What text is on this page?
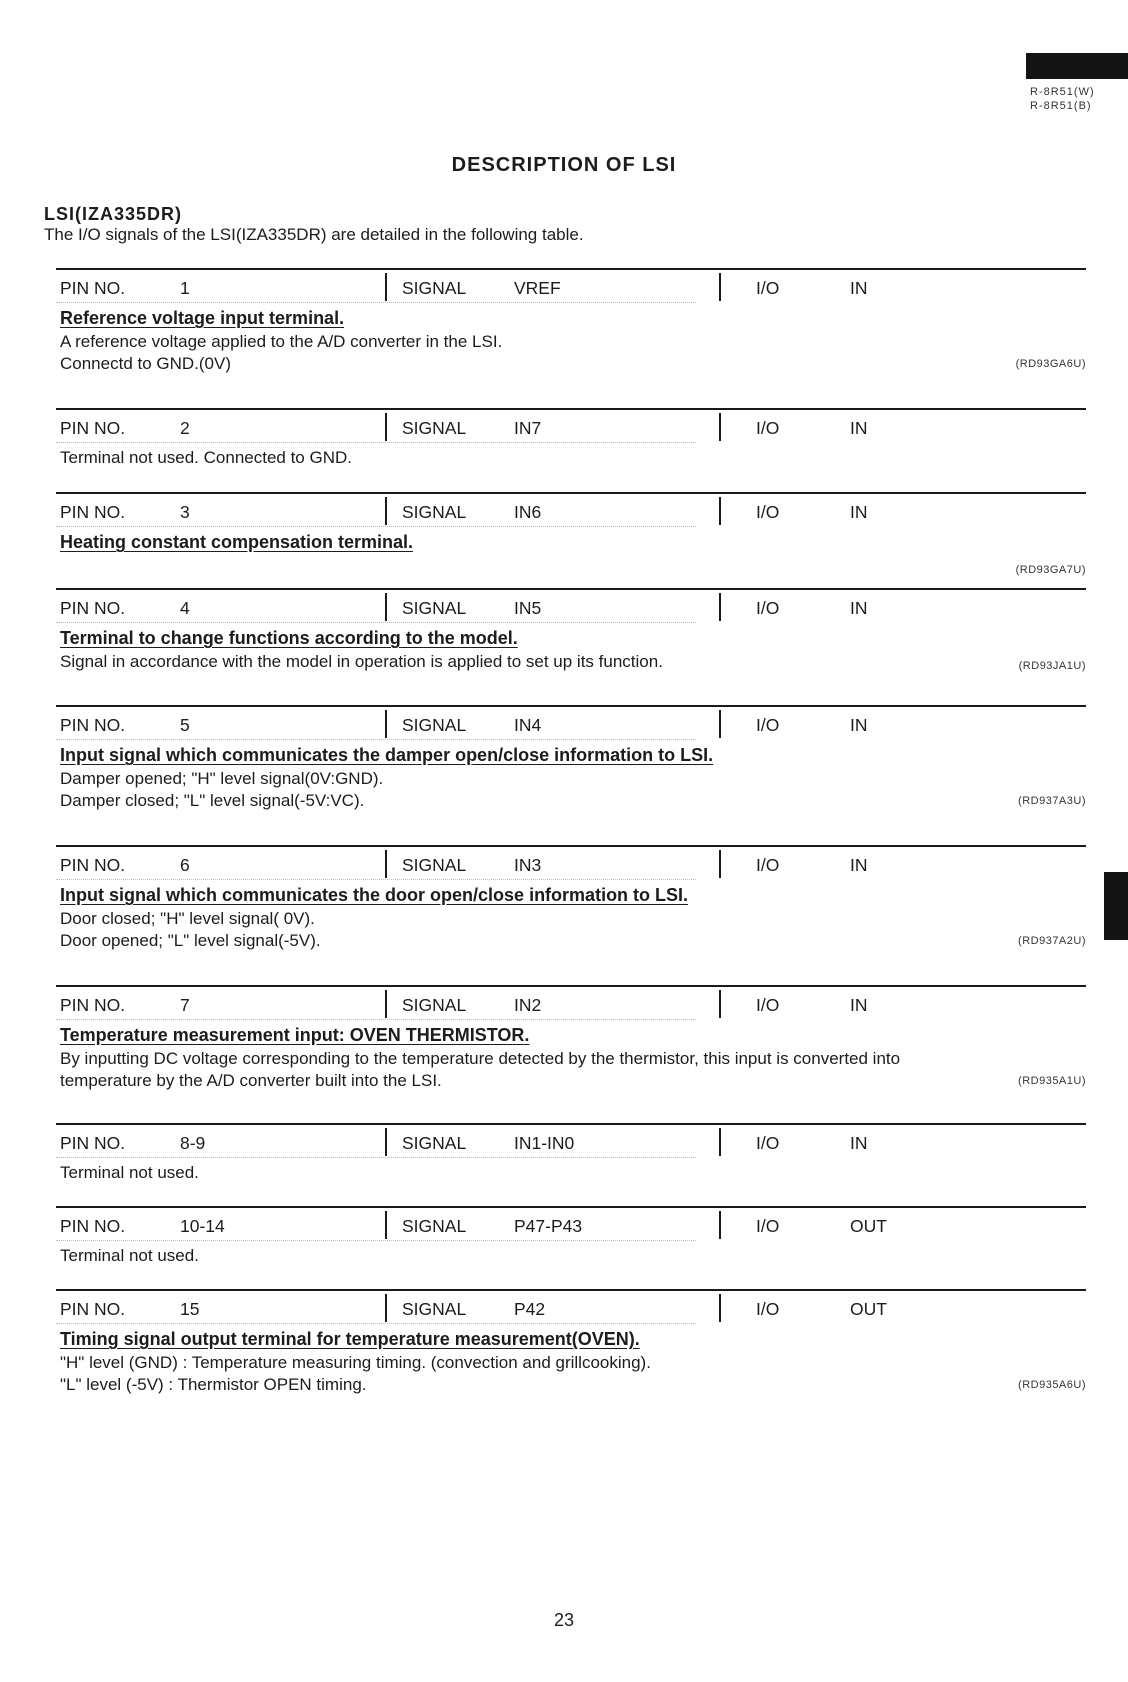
R-8R51(W)
R-8R51(B)
DESCRIPTION OF LSI
LSI(IZA335DR)
The I/O signals of the LSI(IZA335DR) are detailed in the following table.
PIN NO.	1	SIGNAL	VREF	I/O	IN
Reference voltage input terminal.
A reference voltage applied to the A/D converter in the LSI.
Connectd to GND.(0V)	(RD93GA6U)
PIN NO.	2	SIGNAL	IN7	I/O	IN
Terminal not used. Connected to GND.
PIN NO.	3	SIGNAL	IN6	I/O	IN
Heating constant compensation terminal.
(RD93GA7U)
PIN NO.	4	SIGNAL	IN5	I/O	IN
Terminal to change functions according to the model.
Signal in accordance with the model in operation is applied to set up its function.	(RD93JA1U)
PIN NO.	5	SIGNAL	IN4	I/O	IN
Input signal which communicates the damper open/close information to LSI.
Damper opened; "H" level signal(0V:GND).
Damper closed; "L" level signal(-5V:VC).	(RD937A3U)
PIN NO.	6	SIGNAL	IN3	I/O	IN
Input signal which communicates the door open/close information to LSI.
Door closed; "H" level signal( 0V).
Door opened; "L" level signal(-5V).	(RD937A2U)
PIN NO.	7	SIGNAL	IN2	I/O	IN
Temperature measurement input: OVEN THERMISTOR.
By inputting DC voltage corresponding to the temperature detected by the thermistor, this input is converted into
temperature by the A/D converter built into the LSI.	(RD935A1U)
PIN NO.	8-9	SIGNAL	IN1-IN0	I/O	IN
Terminal not used.
PIN NO.	10-14	SIGNAL	P47-P43	I/O	OUT
Terminal not used.
PIN NO.	15	SIGNAL	P42	I/O	OUT
Timing signal output terminal for temperature measurement(OVEN).
"H" level (GND) : Temperature measuring timing. (convection and grillcooking).
"L" level (-5V) : Thermistor OPEN timing.	(RD935A6U)
23
